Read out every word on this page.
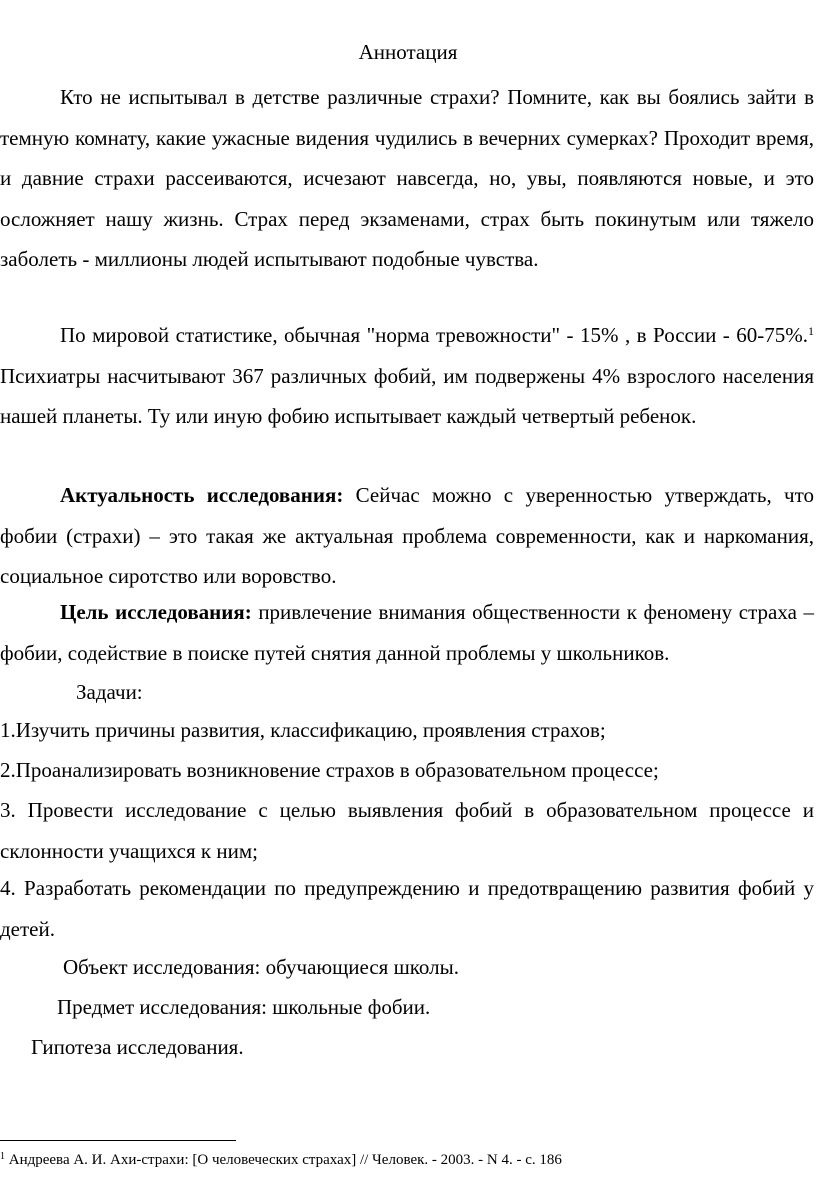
Аннотация

Кто не испытывал в детстве различные страхи? Помните, как вы боялись зайти в темную комнату, какие ужасные видения чудились в вечерних сумерках? Проходит время, и давние страхи рассеиваются, исчезают навсегда, но, увы, появляются новые, и это осложняет нашу жизнь. Страх перед экзаменами, страх быть покинутым или тяжело заболеть - миллионы людей испытывают подобные чувства.

По мировой статистике, обычная "норма тревожности" - 15% , в России - 60-75%.$^1$ Психиатры насчитывают 367 различных фобий, им подвержены 4% взрослого населения нашей планеты. Ту или иную фобию испытывает каждый четвертый ребенок.

Актуальность исследования: Сейчас можно с уверенностью утверждать, что фобии (страхи) – это такая же актуальная проблема современности, как и наркомания, социальное сиротство или воровство.

Цель исследования: привлечение внимания общественности к феномену страха – фобии, содействие в поиске путей снятия данной проблемы у школьников.

Задачи:

1.Изучить причины развития, классификацию, проявления страхов;

2.Проанализировать возникновение страхов в образовательном процессе;

3. Провести исследование с целью выявления фобий в образовательном процессе и склонности учащихся к ним;

4. Разработать рекомендации по предупреждению и предотвращению развития фобий у детей.

Объект исследования: обучающиеся школы.

Предмет исследования: школьные фобии.

Гипотеза исследования.

$^1$ Андреева А. И. Ахи-страхи: [О человеческих страхах] // Человек. - 2003. - N 4. - с. 186
